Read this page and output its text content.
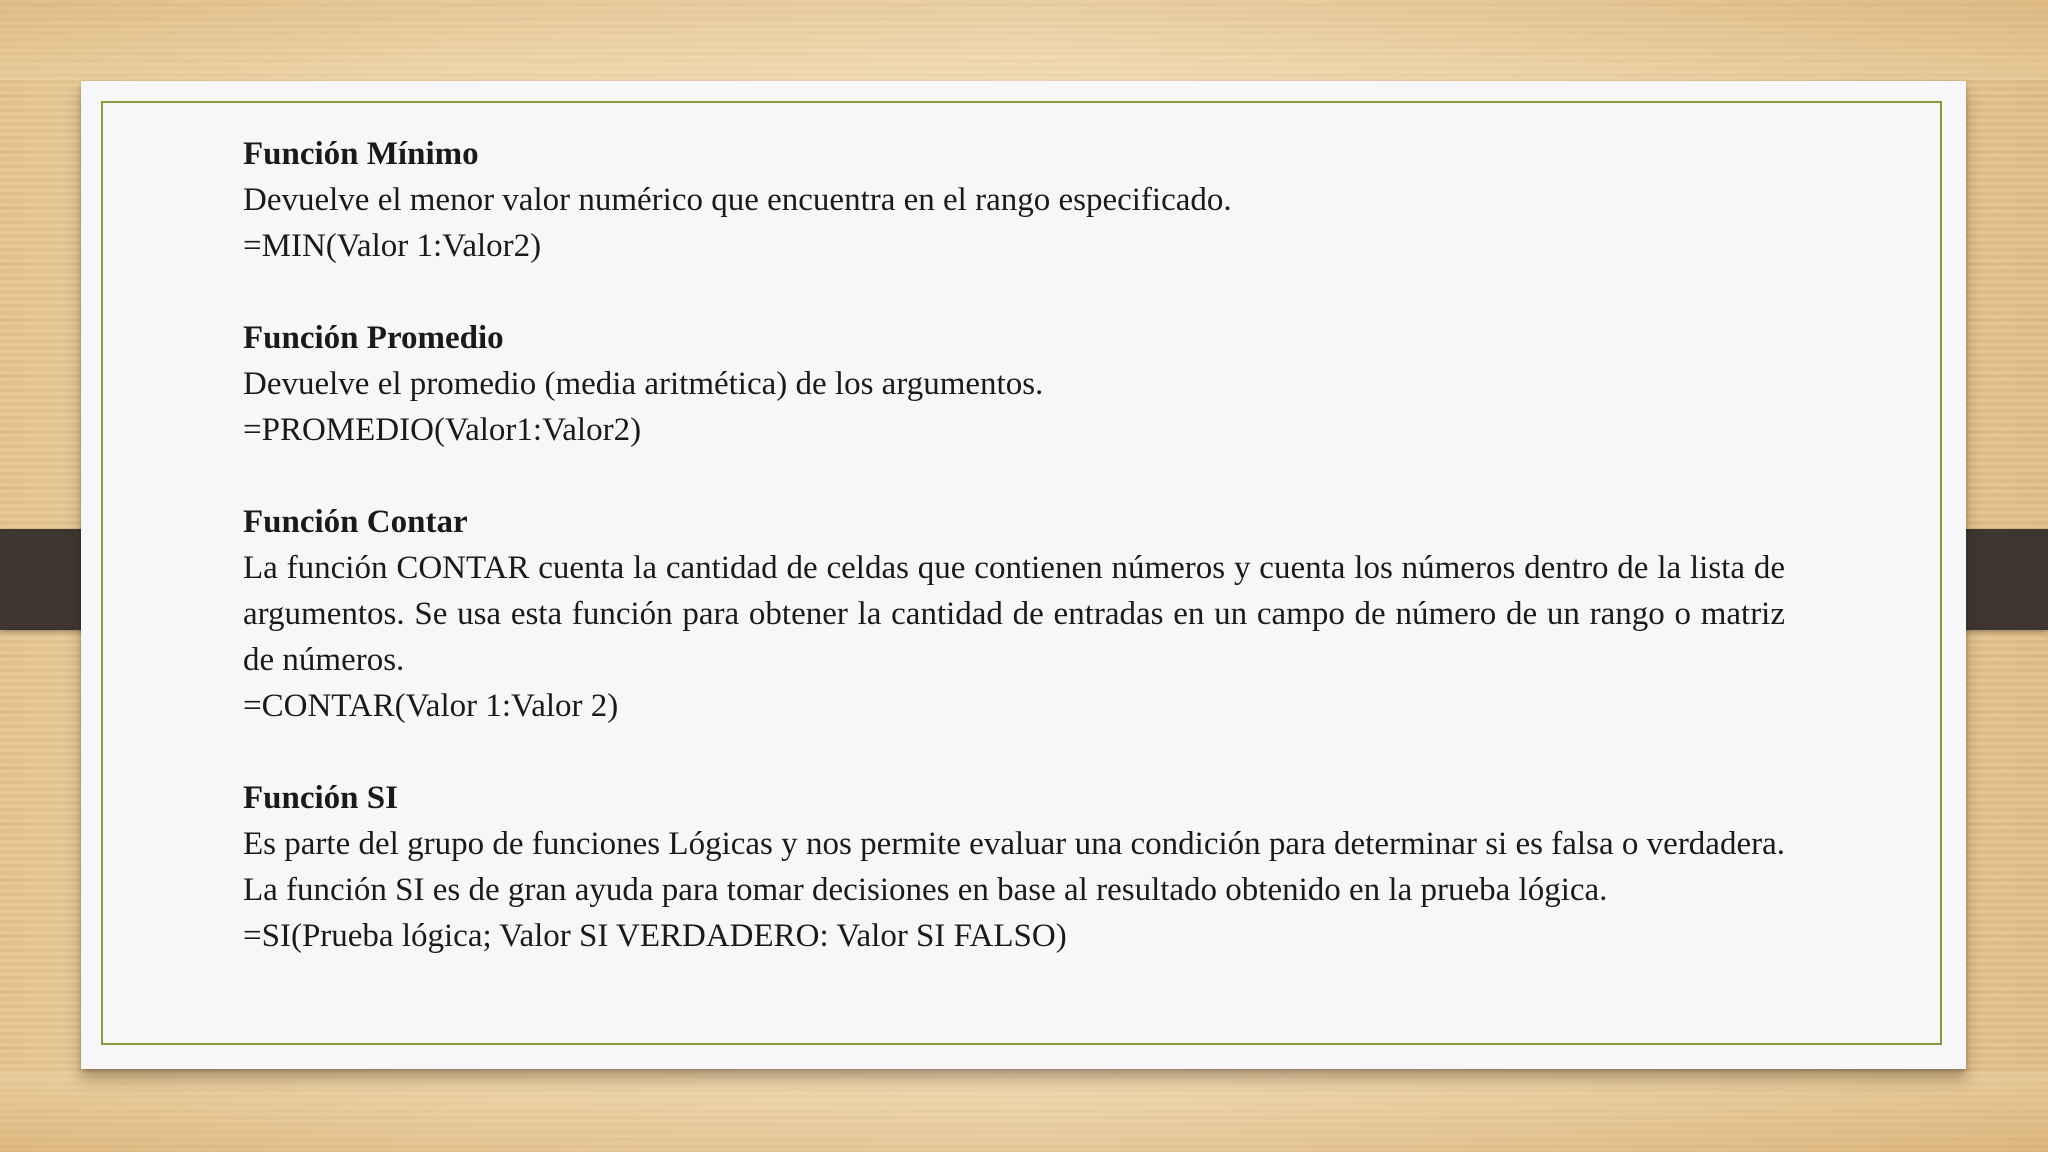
Función Mínimo
Devuelve el menor valor numérico que encuentra en el rango especificado.
=MIN(Valor 1:Valor2)
Función Promedio
Devuelve el promedio (media aritmética) de los argumentos.
=PROMEDIO(Valor1:Valor2)
Función Contar
La función CONTAR cuenta la cantidad de celdas que contienen números y cuenta los números dentro de la lista de argumentos. Se usa esta función para obtener la cantidad de entradas en un campo de número de un rango o matriz de números.
=CONTAR(Valor 1:Valor 2)
Función SI
Es parte del grupo de funciones Lógicas y nos permite evaluar una condición para determinar si es falsa o verdadera. La función SI es de gran ayuda para tomar decisiones en base al resultado obtenido en la prueba lógica.
=SI(Prueba lógica; Valor SI VERDADERO: Valor SI FALSO)
